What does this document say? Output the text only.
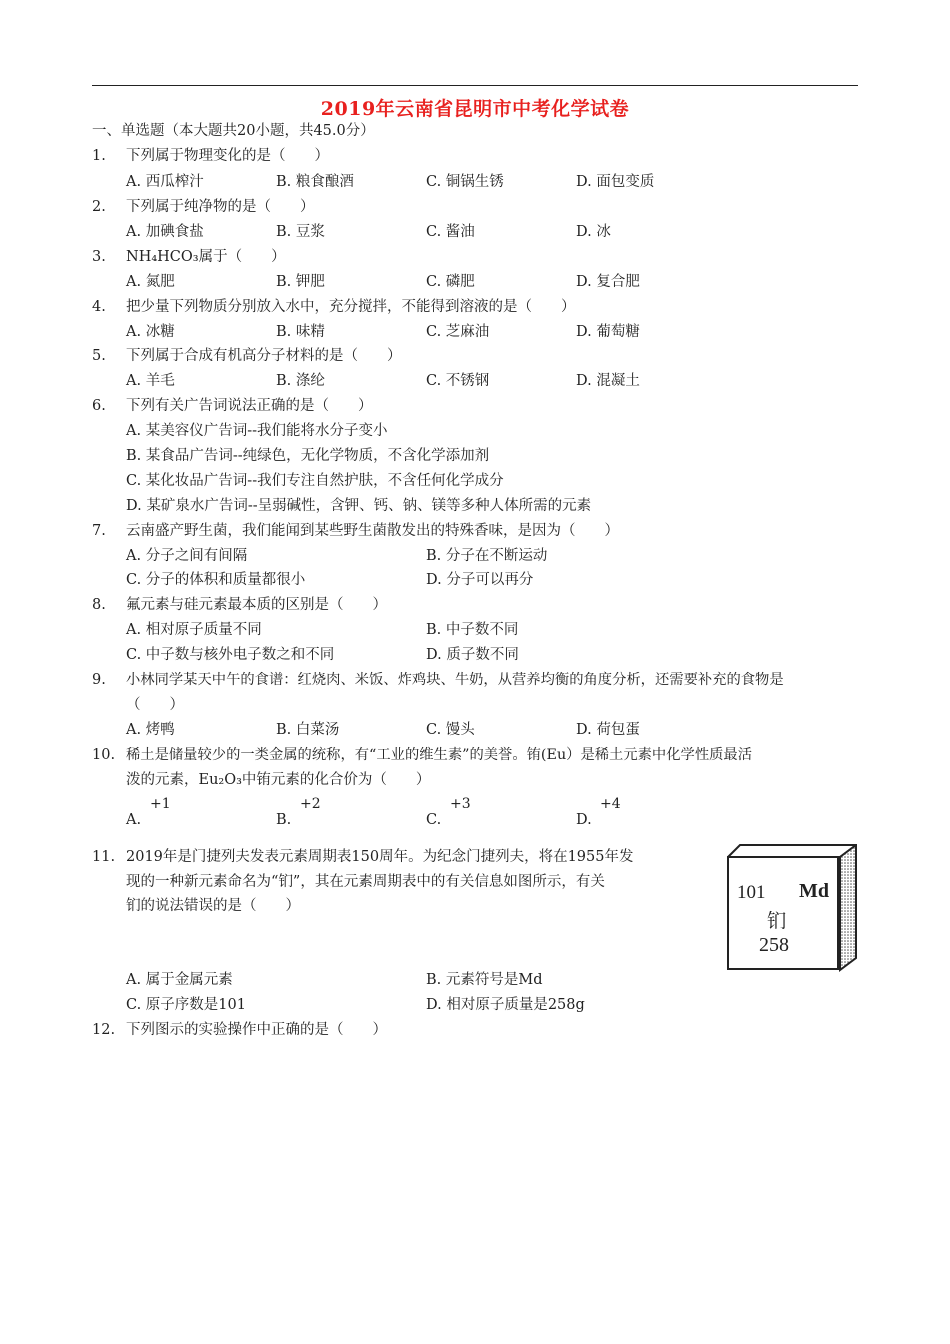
2019年云南省昆明市中考化学试卷
一、单选题（本大题共20小题，共45.0分）
1.	下列属于物理变化的是（　　）
A. 西瓜榨汁	B. 粮食酿酒	C. 铜锅生锈	D. 面包变质
2.	下列属于纯净物的是（　　）
A. 加碘食盐	B. 豆浆	C. 酱油	D. 冰
3.	NH₄HCO₃属于（　　）
A. 氮肥	B. 钾肥	C. 磷肥	D. 复合肥
4.	把少量下列物质分别放入水中，充分搅拌，不能得到溶液的是（　　）
A. 冰糖	B. 味精	C. 芝麻油	D. 葡萄糖
5.	下列属于合成有机高分子材料的是（　　）
A. 羊毛	B. 涤纶	C. 不锈钢	D. 混凝土
6.	下列有关广告词说法正确的是（　　）
A. 某美容仪广告词--我们能将水分子变小
B. 某食品广告词--纯绿色，无化学物质，不含化学添加剂
C. 某化妆品广告词--我们专注自然护肤，不含任何化学成分
D. 某矿泉水广告词--呈弱碱性，含钾、钙、钠、镁等多种人体所需的元素
7.	云南盛产野生菌，我们能闻到某些野生菌散发出的特殊香味，是因为（　　）
A. 分子之间有间隔	B. 分子在不断运动
C. 分子的体积和质量都很小	D. 分子可以再分
8.	氟元素与硅元素最本质的区别是（　　）
A. 相对原子质量不同	B. 中子数不同
C. 中子数与核外电子数之和不同	D. 质子数不同
9.	小林同学某天中午的食谱：红烧肉、米饭、炸鸡块、牛奶，从营养均衡的角度分析，还需要补充的食物是
（　　）
A. 烤鸭	B. 白菜汤	C. 馒头	D. 荷包蛋
10. 稀土是储量较少的一类金属的统称，有“工业的维生素”的美誉。铕(Eu）是稀土元素中化学性质最活
泼的元素，Eu₂O₃中铕元素的化合价为（　　）
+1	+2	+3	+4
A.	B.	C.	D.
11. 2019年是门捷列夫发表元素周期表150周年。为纪念门捷列夫，将在1955年发
现的一种新元素命名为“钔”，其在元素周期表中的有关信息如图所示，有关
钔的说法错误的是（　　）
101 Md
钔
258
A. 属于金属元素	B. 元素符号是Md
C. 原子序数是101	D. 相对原子质量是258g
12. 下列图示的实验操作中正确的是（　　）
